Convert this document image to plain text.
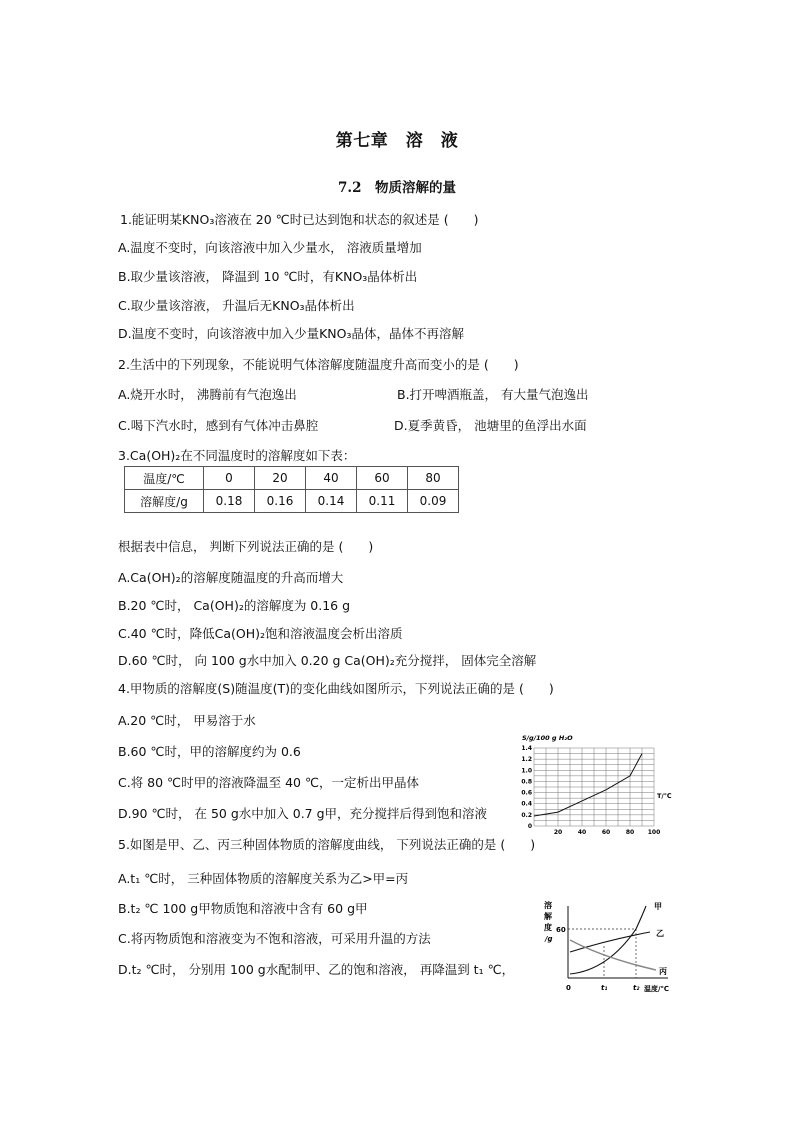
第七章　溶　液
7.2　物质溶解的量
1.能证明某KNO₃溶液在 20 ℃时已达到饱和状态的叙述是 (　　)
A.温度不变时，向该溶液中加入少量水， 溶液质量增加
B.取少量该溶液， 降温到 10 ℃时，有KNO₃晶体析出
C.取少量该溶液， 升温后无KNO₃晶体析出
D.温度不变时，向该溶液中加入少量KNO₃晶体，晶体不再溶解
2.生活中的下列现象，不能说明气体溶解度随温度升高而变小的是 (　　)
A.烧开水时， 沸腾前有气泡逸出	B.打开啤酒瓶盖， 有大量气泡逸出
C.喝下汽水时，感到有气体冲击鼻腔	D.夏季黄昏， 池塘里的鱼浮出水面
3.Ca(OH)₂在不同温度时的溶解度如下表：
温度/℃	0	20	40	60	80
溶解度/g	0.18	0.16	0.14	0.11	0.09
根据表中信息， 判断下列说法正确的是 (　　)
A.Ca(OH)₂的溶解度随温度的升高而增大
B.20 ℃时， Ca(OH)₂的溶解度为 0.16 g
C.40 ℃时，降低Ca(OH)₂饱和溶液温度会析出溶质
D.60 ℃时， 向 100 g水中加入 0.20 g Ca(OH)₂充分搅拌， 固体完全溶解
4.甲物质的溶解度(S)随温度(T)的变化曲线如图所示，下列说法正确的是 (　　)
A.20 ℃时， 甲易溶于水
B.60 ℃时，甲的溶解度约为 0.6
C.将 80 ℃时甲的溶液降温至 40 ℃，一定析出甲晶体
D.90 ℃时， 在 50 g水中加入 0.7 g甲，充分搅拌后得到饱和溶液
S/g/100 g H₂O
0
0.2
0.4
0.6
0.8
1.0
1.2
1.4
20	40	60	80 100
T/℃
5.如图是甲、乙、丙三种固体物质的溶解度曲线， 下列说法正确的是 (　　)
A.t₁ ℃时， 三种固体物质的溶解度关系为乙>甲=丙
B.t₂ ℃ 100 g甲物质饱和溶液中含有 60 g甲
C.将丙物质饱和溶液变为不饱和溶液，可采用升温的方法
D.t₂ ℃时， 分别用 100 g水配制甲、乙的饱和溶液， 再降温到 t₁ ℃，
溶
解
度
/g
60
0	t₁	t₂ 温度/℃
甲
乙
丙
